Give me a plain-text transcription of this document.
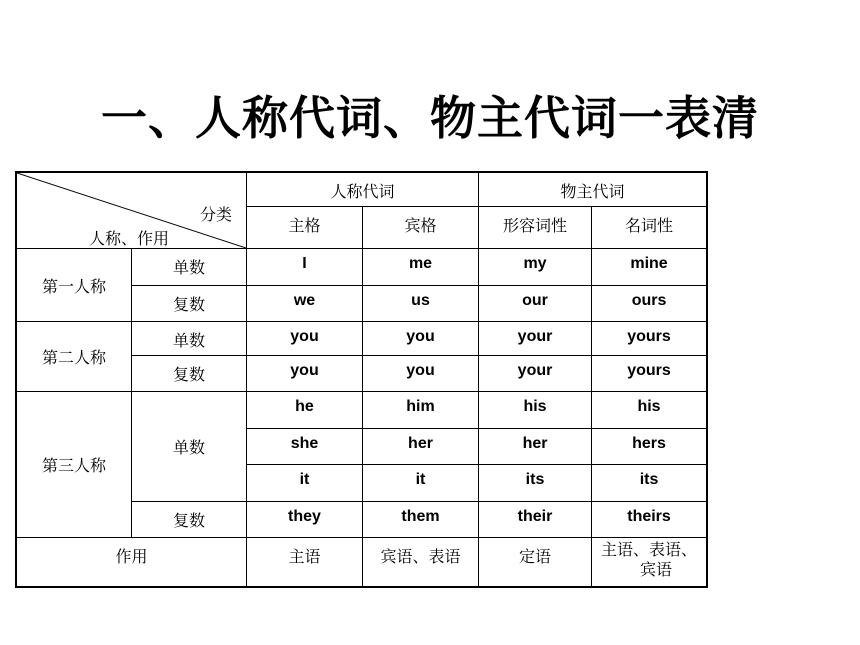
一、人称代词、物主代词一表清
分类
人称、作用		人称代词		物主代词	
		主格	宾格	形容词性	名词性
第一人称	单数	I	me	my	mine
	复数	we	us	our	ours
第二人称	单数	you	you	your	yours
	复数	you	you	your	yours
第三人称	单数	he	him	his	his
		she	her	her	hers
		it	it	its	its
	复数	they	them	their	theirs
作用		主语	宾语、表语	定语	主语、表语、
宾语
